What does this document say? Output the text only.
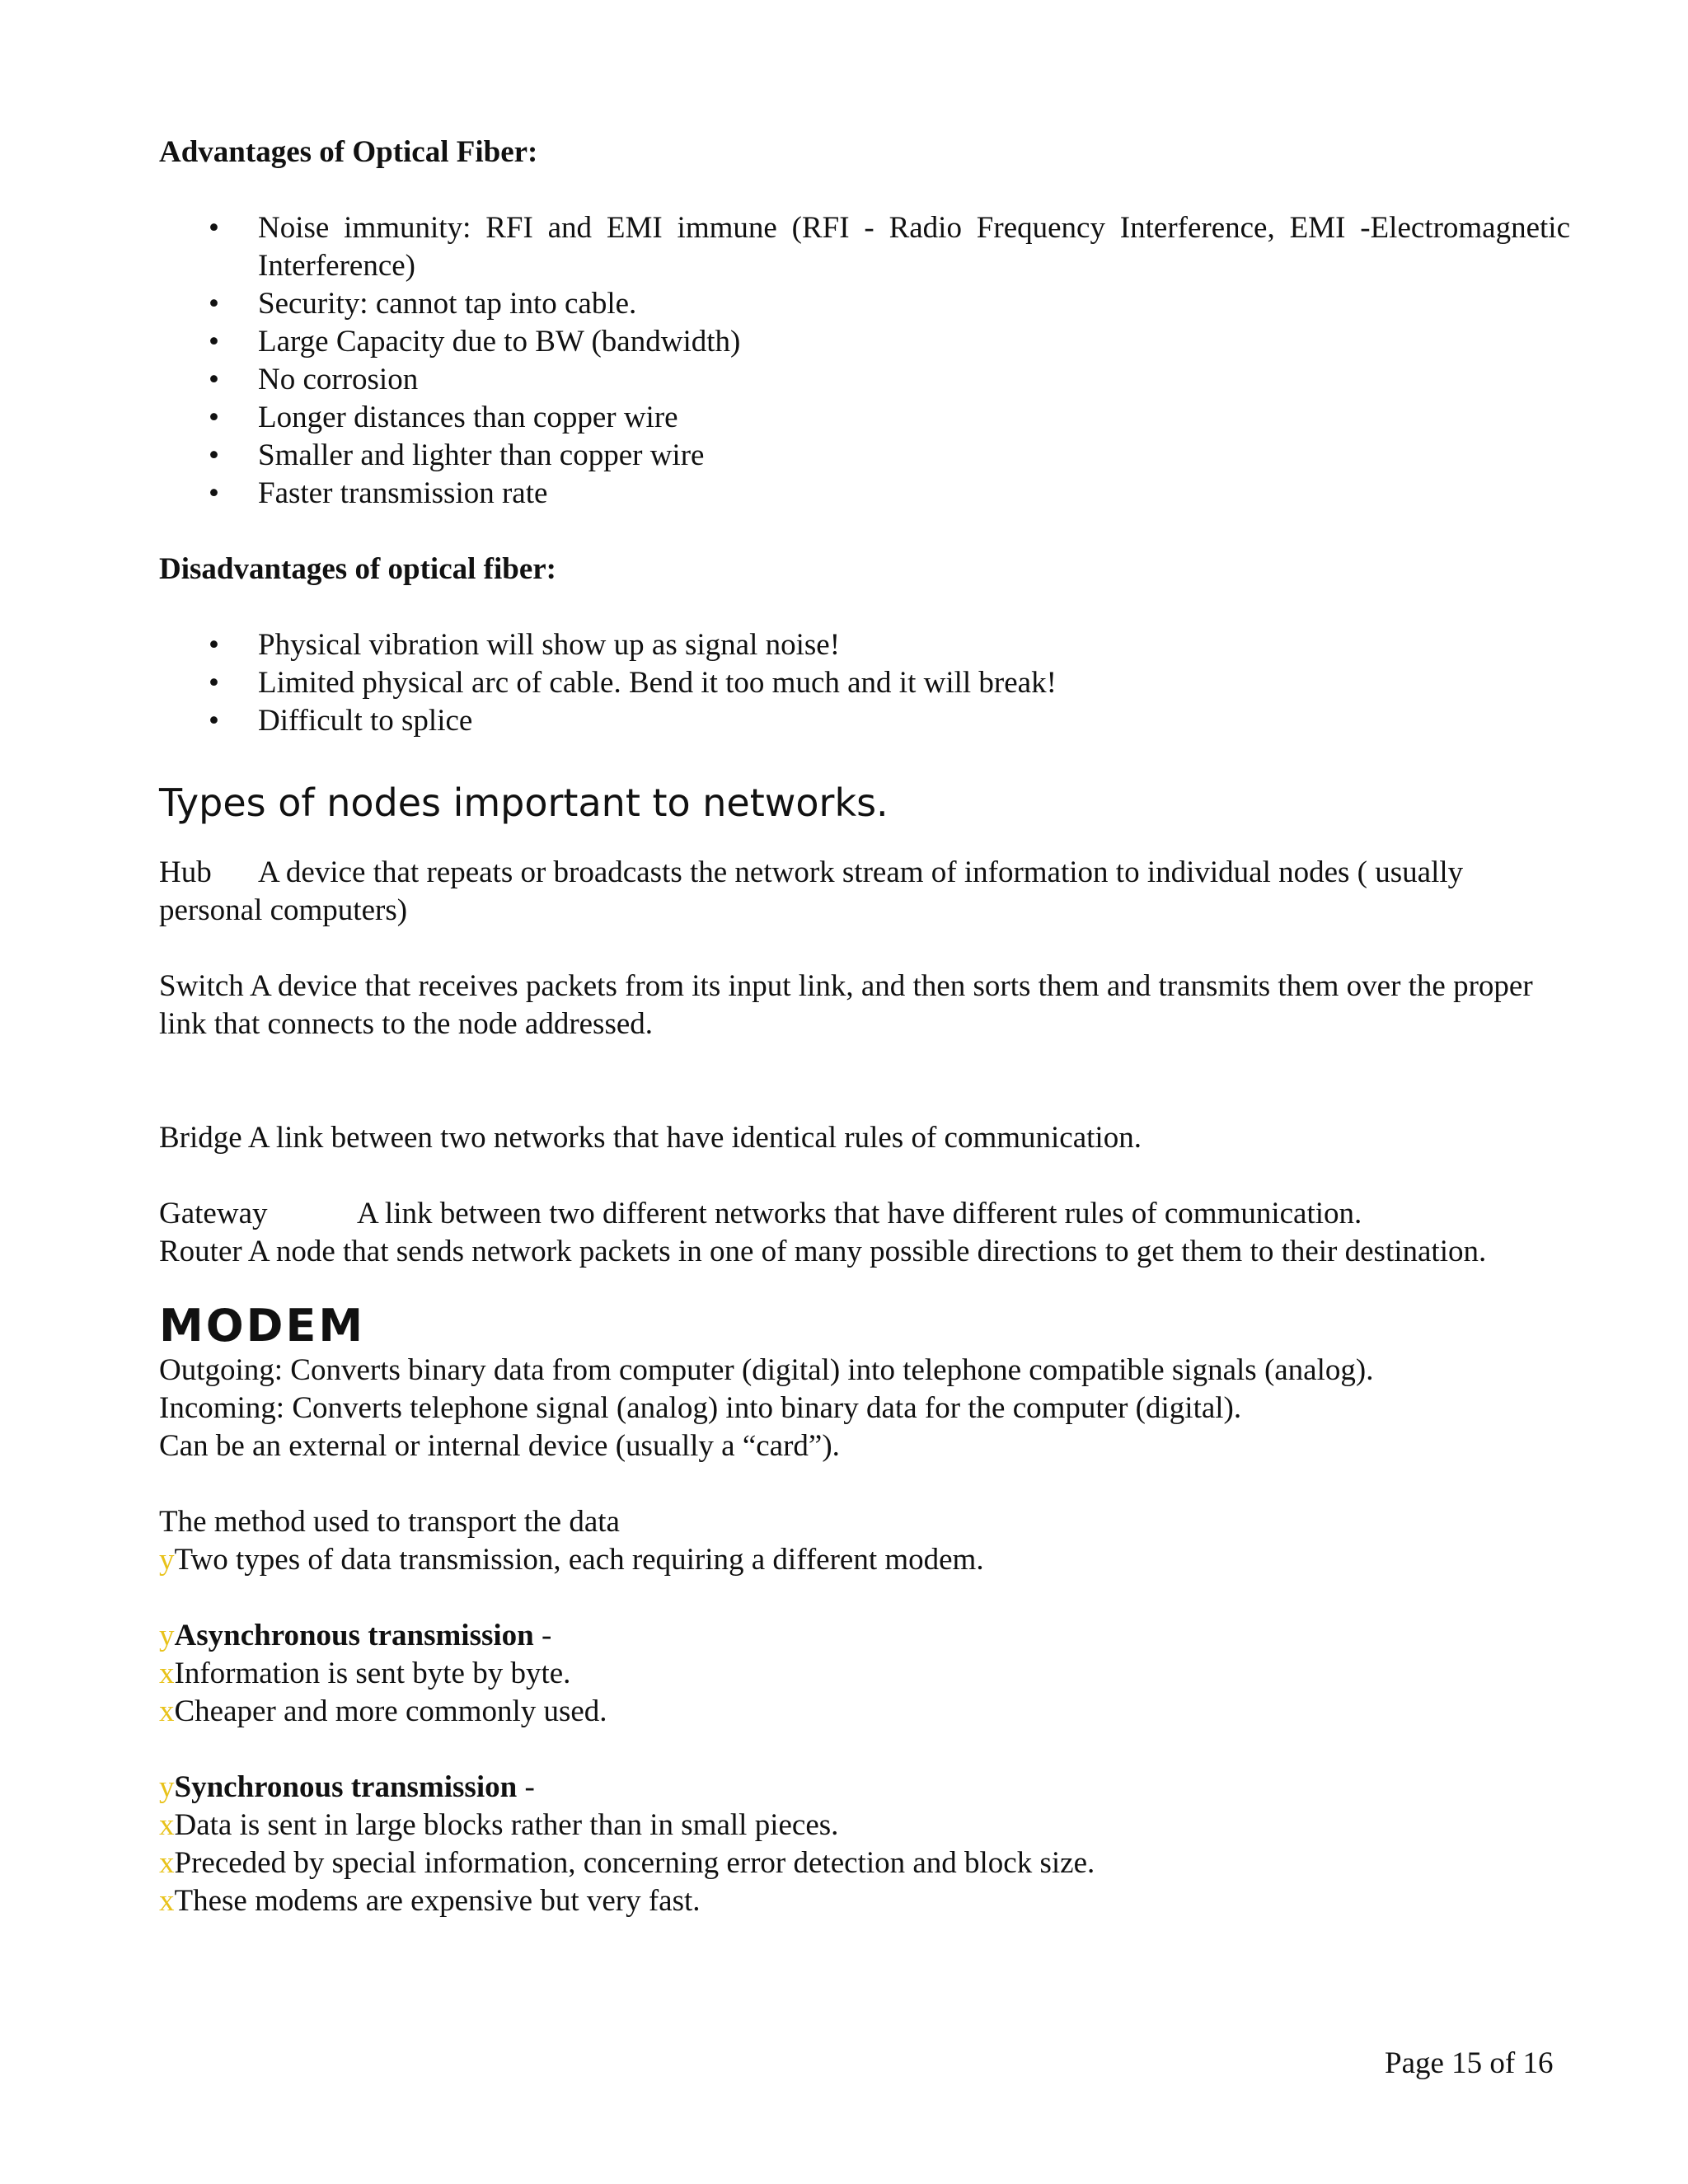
Advantages of Optical Fiber:

• Noise immunity: RFI and EMI immune (RFI - Radio Frequency Interference, EMI -Electromagnetic Interference)
• Security: cannot tap into cable.
• Large Capacity due to BW (bandwidth)
• No corrosion
• Longer distances than copper wire
• Smaller and lighter than copper wire
• Faster transmission rate

Disadvantages of optical fiber:

• Physical vibration will show up as signal noise!
• Limited physical arc of cable. Bend it too much and it will break!
• Difficult to splice

Types of nodes important to networks.

Hub A device that repeats or broadcasts the network stream of information to individual nodes ( usually personal computers)

Switch A device that receives packets from its input link, and then sorts them and transmits them over the proper link that connects to the node addressed.

Bridge A link between two networks that have identical rules of communication.

Gateway	A link between two different networks that have different rules of communication.

Router A node that sends network packets in one of many possible directions to get them to their destination.

MODEM

Outgoing: Converts binary data from computer (digital) into telephone compatible signals (analog).

Incoming: Converts telephone signal (analog) into binary data for the computer (digital).

Can be an external or internal device (usually a “card”).

The method used to transport the data

yTwo types of data transmission, each requiring a different modem.

yAsynchronous transmission -

xInformation is sent byte by byte.

xCheaper and more commonly used.

ySynchronous transmission -

xData is sent in large blocks rather than in small pieces.

xPreceded by special information, concerning error detection and block size.

xThese modems are expensive but very fast.

Page 15 of 16
